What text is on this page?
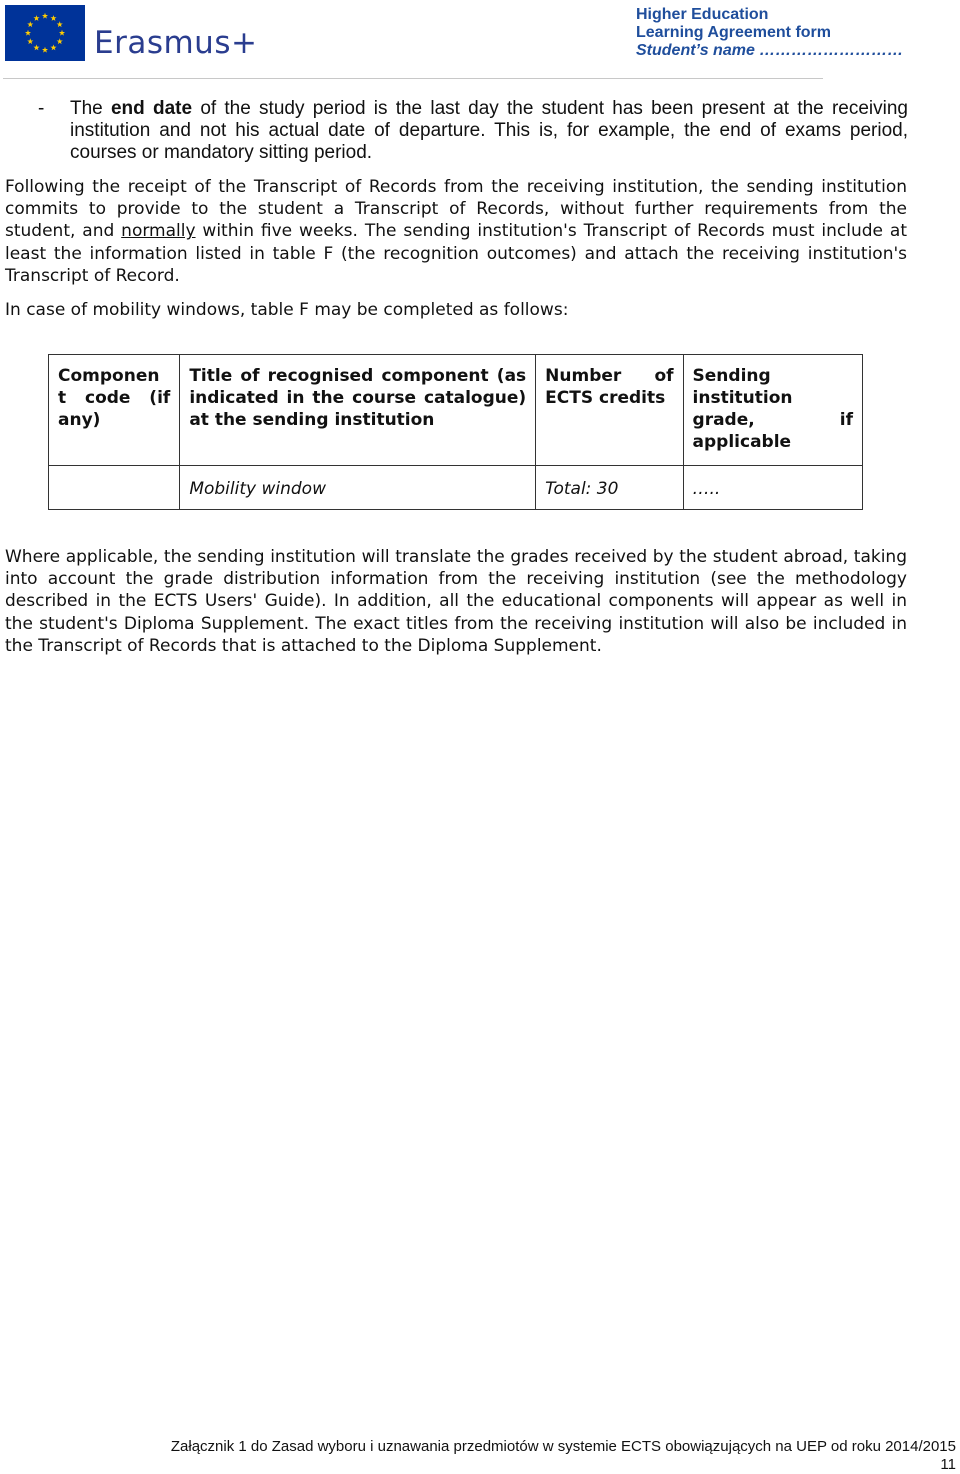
Erasmus+
Higher Education
Learning Agreement form
Student’s name ………………………
- The end date of the study period is the last day the student has been present at the receiving institution and not his actual date of departure. This is, for example, the end of exams period, courses or mandatory sitting period.
Following the receipt of the Transcript of Records from the receiving institution, the sending institution commits to provide to the student a Transcript of Records, without further requirements from the student, and normally within five weeks. The sending institution's Transcript of Records must include at least the information listed in table F (the recognition outcomes) and attach the receiving institution's Transcript of Record.
In case of mobility windows, table F may be completed as follows:
Componen t code (if any)	Title of recognised component (as indicated in the course catalogue) at the sending institution	Number of ECTS credits	Sending institution grade, if applicable
	Mobility window	Total: 30	…..
Where applicable, the sending institution will translate the grades received by the student abroad, taking into account the grade distribution information from the receiving institution (see the methodology described in the ECTS Users' Guide). In addition, all the educational components will appear as well in the student's Diploma Supplement. The exact titles from the receiving institution will also be included in the Transcript of Records that is attached to the Diploma Supplement.
Załącznik 1 do Zasad wyboru i uznawania przedmiotów w systemie ECTS obowiązujących na UEP od roku 2014/2015
11
